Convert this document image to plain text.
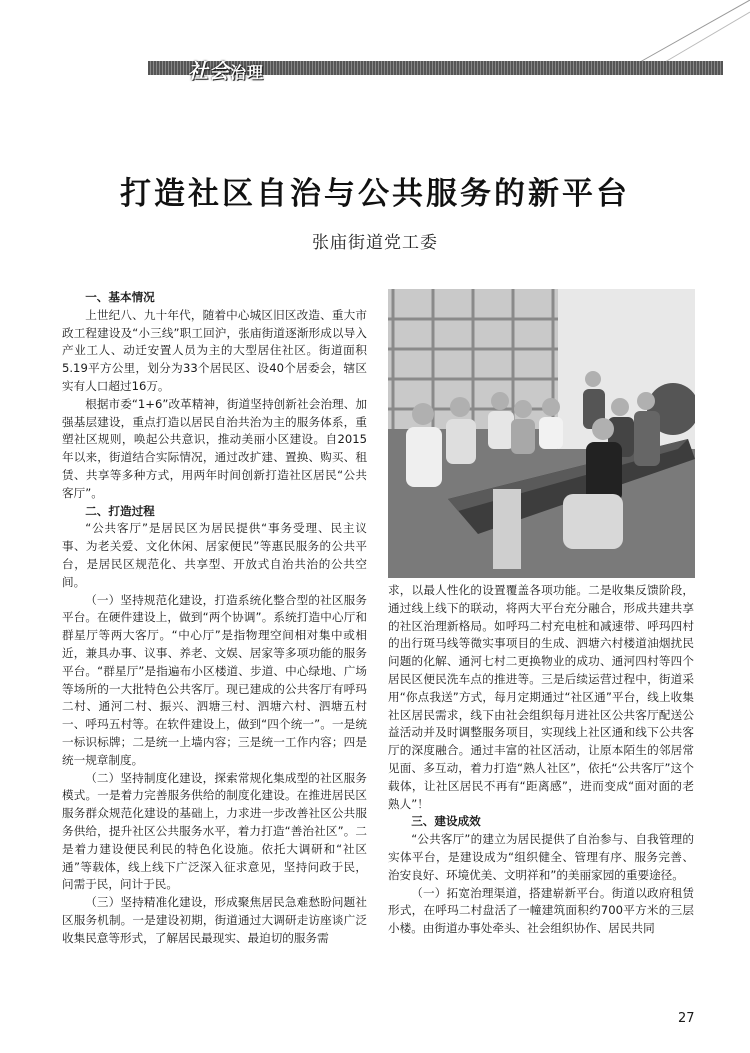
社会治理
打造社区自治与公共服务的新平台
张庙街道党工委
一、基本情况

上世纪八、九十年代，随着中心城区旧区改造、重大市政工程建设及“小三线”职工回沪，张庙街道逐渐形成以导入产业工人、动迁安置人员为主的大型居住社区。街道面积5.19平方公里，划分为33个居民区、设40个居委会，辖区实有人口超过16万。

根据市委“1+6”改革精神，街道坚持创新社会治理、加强基层建设，重点打造以居民自治共治为主的服务体系，重塑社区规则，唤起公共意识，推动美丽小区建设。自2015年以来，街道结合实际情况，通过改扩建、置换、购买、租赁、共享等多种方式，用两年时间创新打造社区居民“公共客厅”。

二、打造过程

“公共客厅”是居民区为居民提供“事务受理、民主议事、为老关爱、文化休闲、居家便民”等惠民服务的公共平台，是居民区规范化、共享型、开放式自治共治的公共空间。

（一）坚持规范化建设，打造系统化整合型的社区服务平台。在硬件建设上，做到“两个协调”。系统打造中心厅和群星厅等两大客厅。“中心厅”是指物理空间相对集中或相近，兼具办事、议事、养老、文娱、居家等多项功能的服务平台。“群星厅”是指遍布小区楼道、步道、中心绿地、广场等场所的一大批特色公共客厅。现已建成的公共客厅有呼玛二村、通河二村、振兴、泗塘三村、泗塘六村、泗塘五村一、呼玛五村等。在软件建设上，做到“四个统一”。一是统一标识标牌；二是统一上墙内容；三是统一工作内容；四是统一规章制度。

（二）坚持制度化建设，探索常规化集成型的社区服务模式。一是着力完善服务供给的制度化建设。在推进居民区服务群众规范化建设的基础上，力求进一步改善社区公共服务供给，提升社区公共服务水平，着力打造“善治社区”。二是着力建设便民利民的特色化设施。依托大调研和“社区通”等载体，线上线下广泛深入征求意见，坚持问政于民，问需于民，问计于民。

（三）坚持精准化建设，形成聚焦居民急难愁盼问题社区服务机制。一是建设初期，街道通过大调研走访座谈广泛收集民意等形式，了解居民最现实、最迫切的服务需

求，以最人性化的设置覆盖各项功能。二是收集反馈阶段，通过线上线下的联动，将两大平台充分融合，形成共建共享的社区治理新格局。如呼玛二村充电桩和减速带、呼玛四村的出行斑马线等微实事项目的生成、泗塘六村楼道油烟扰民问题的化解、通河七村二更换物业的成功、通河四村等四个居民区便民洗车点的推进等。三是后续运营过程中，街道采用“你点我送”方式，每月定期通过“社区通”平台，线上收集社区居民需求，线下由社会组织每月进社区公共客厅配送公益活动并及时调整服务项目，实现线上社区通和线下公共客厅的深度融合。通过丰富的社区活动，让原本陌生的邻居常见面、多互动，着力打造“熟人社区”，依托“公共客厅”这个载体，让社区居民不再有“距离感”，进而变成“面对面的老熟人”！

三、建设成效

“公共客厅”的建立为居民提供了自治参与、自我管理的实体平台，是建设成为“组织健全、管理有序、服务完善、治安良好、环境优美、文明祥和”的美丽家园的重要途径。

（一）拓宽治理渠道，搭建崭新平台。街道以政府租赁形式，在呼玛二村盘活了一幢建筑面积约700平方米的三层小楼。由街道办事处牵头、社会组织协作、居民共同

27
